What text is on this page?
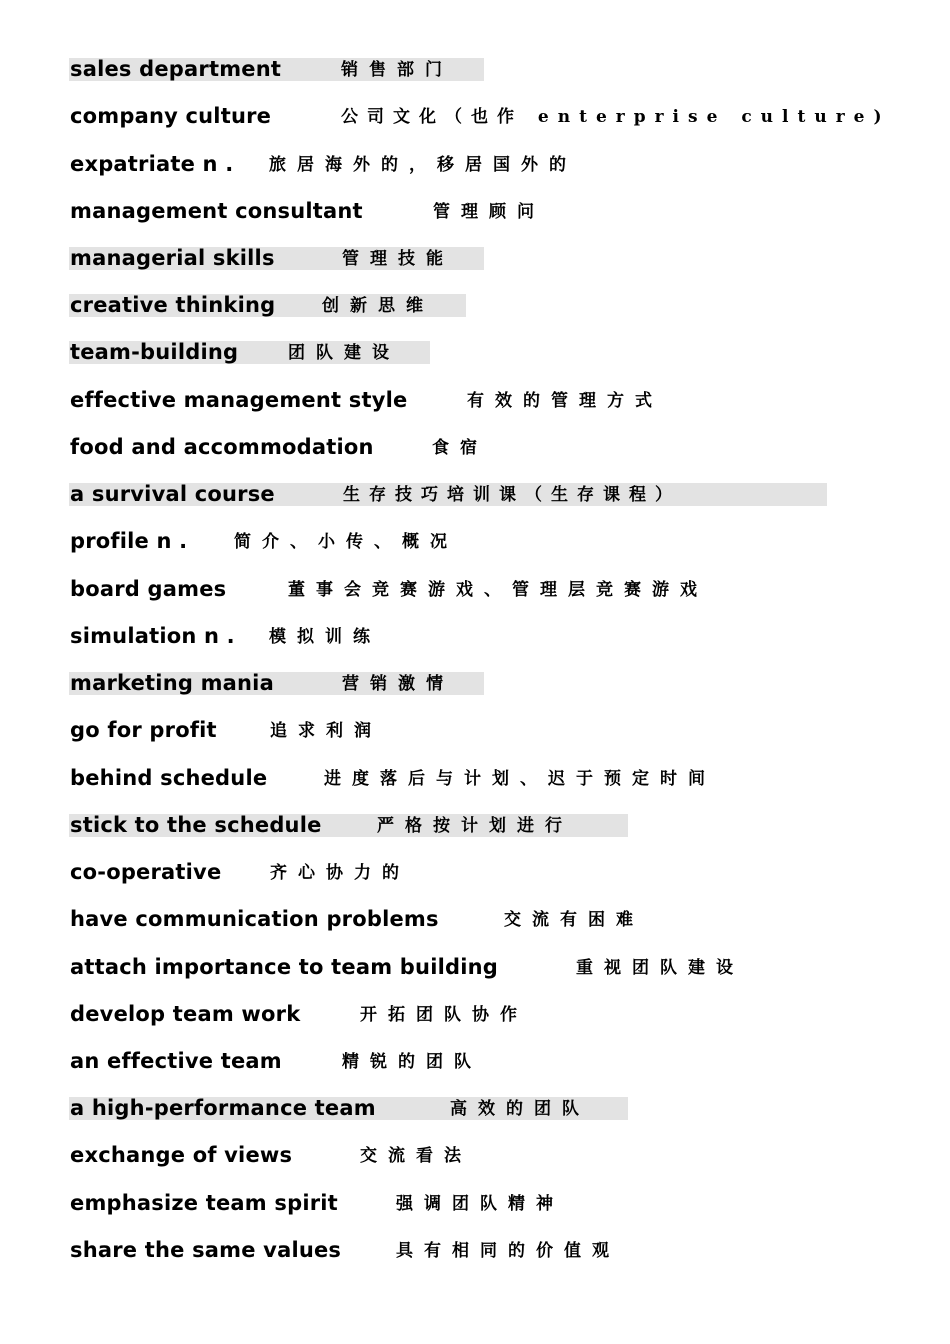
sales department	销售部门
company culture	公司文化（也作 enterprise culture)
expatriate n . 旅居海外的，移居国外的
management consultant	管理顾问
managerial skills	管理技能
creative thinking	创新思维
team-building	团队建设
effective management style	有效的管理方式
food and accommodation	食宿
a survival course	生存技巧培训课（生存课程）
profile n .	简介、小传、概况
board games	董事会竞赛游戏、管理层竞赛游戏
simulation n . 模拟训练
marketing mania	营销激情
go for profit	追求利润
behind schedule	进度落后与计划、迟于预定时间
stick to the schedule	严格按计划进行
co-operative	齐心协力的
have communication problems	交流有困难
attach importance to team building	重视团队建设
develop team work	开拓团队协作
an effective team	精锐的团队
a high-performance team	高效的团队
exchange of views	交流看法
emphasize team spirit	强调团队精神
share the same values	具有相同的价值观
